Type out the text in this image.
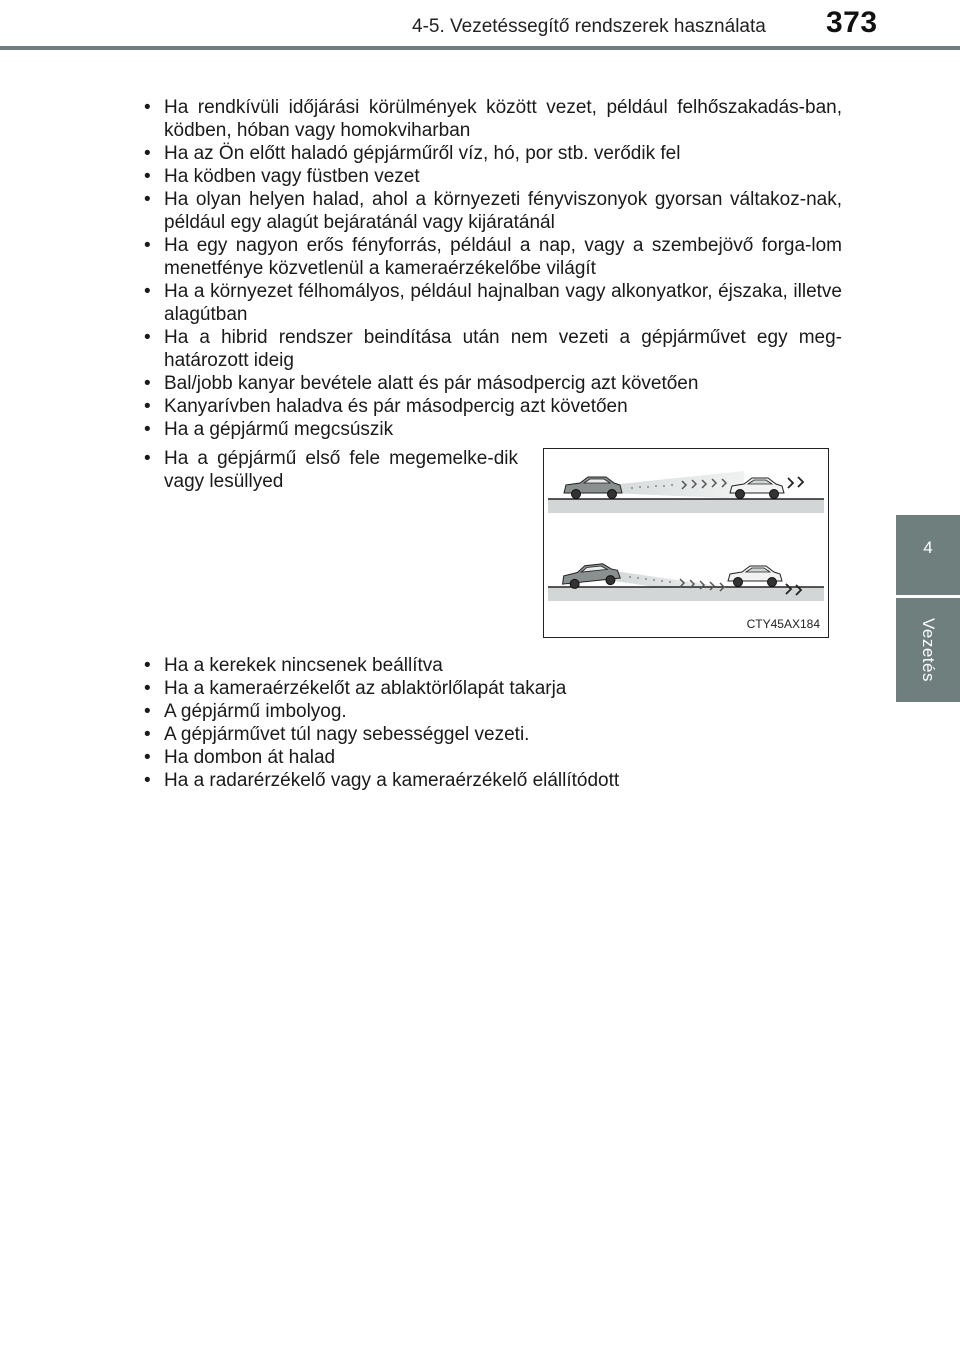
4-5. Vezetéssegítő rendszerek használata 373
4
Vezetés
• Ha rendkívüli időjárási körülmények között vezet, például felhőszakadás-ban, ködben, hóban vagy homokviharban
• Ha az Ön előtt haladó gépjárműről víz, hó, por stb. verődik fel
• Ha ködben vagy füstben vezet
• Ha olyan helyen halad, ahol a környezeti fényviszonyok gyorsan váltakoz-nak, például egy alagút bejáratánál vagy kijáratánál
• Ha egy nagyon erős fényforrás, például a nap, vagy a szembejövő forga-lom menetfénye közvetlenül a kameraérzékelőbe világít
• Ha a környezet félhomályos, például hajnalban vagy alkonyatkor, éjszaka, illetve alagútban
• Ha a hibrid rendszer beindítása után nem vezeti a gépjárművet egy meg-határozott ideig
• Bal/jobb kanyar bevétele alatt és pár másodpercig azt követően
• Kanyarívben haladva és pár másodpercig azt követően
• Ha a gépjármű megcsúszik
• Ha a gépjármű első fele megemelke-dik vagy lesüllyed
CTY45AX184
• Ha a kerekek nincsenek beállítva
• Ha a kameraérzékelőt az ablaktörlőlapát takarja
• A gépjármű imbolyog.
• A gépjárművet túl nagy sebességgel vezeti.
• Ha dombon át halad
• Ha a radarérzékelő vagy a kameraérzékelő elállítódott
